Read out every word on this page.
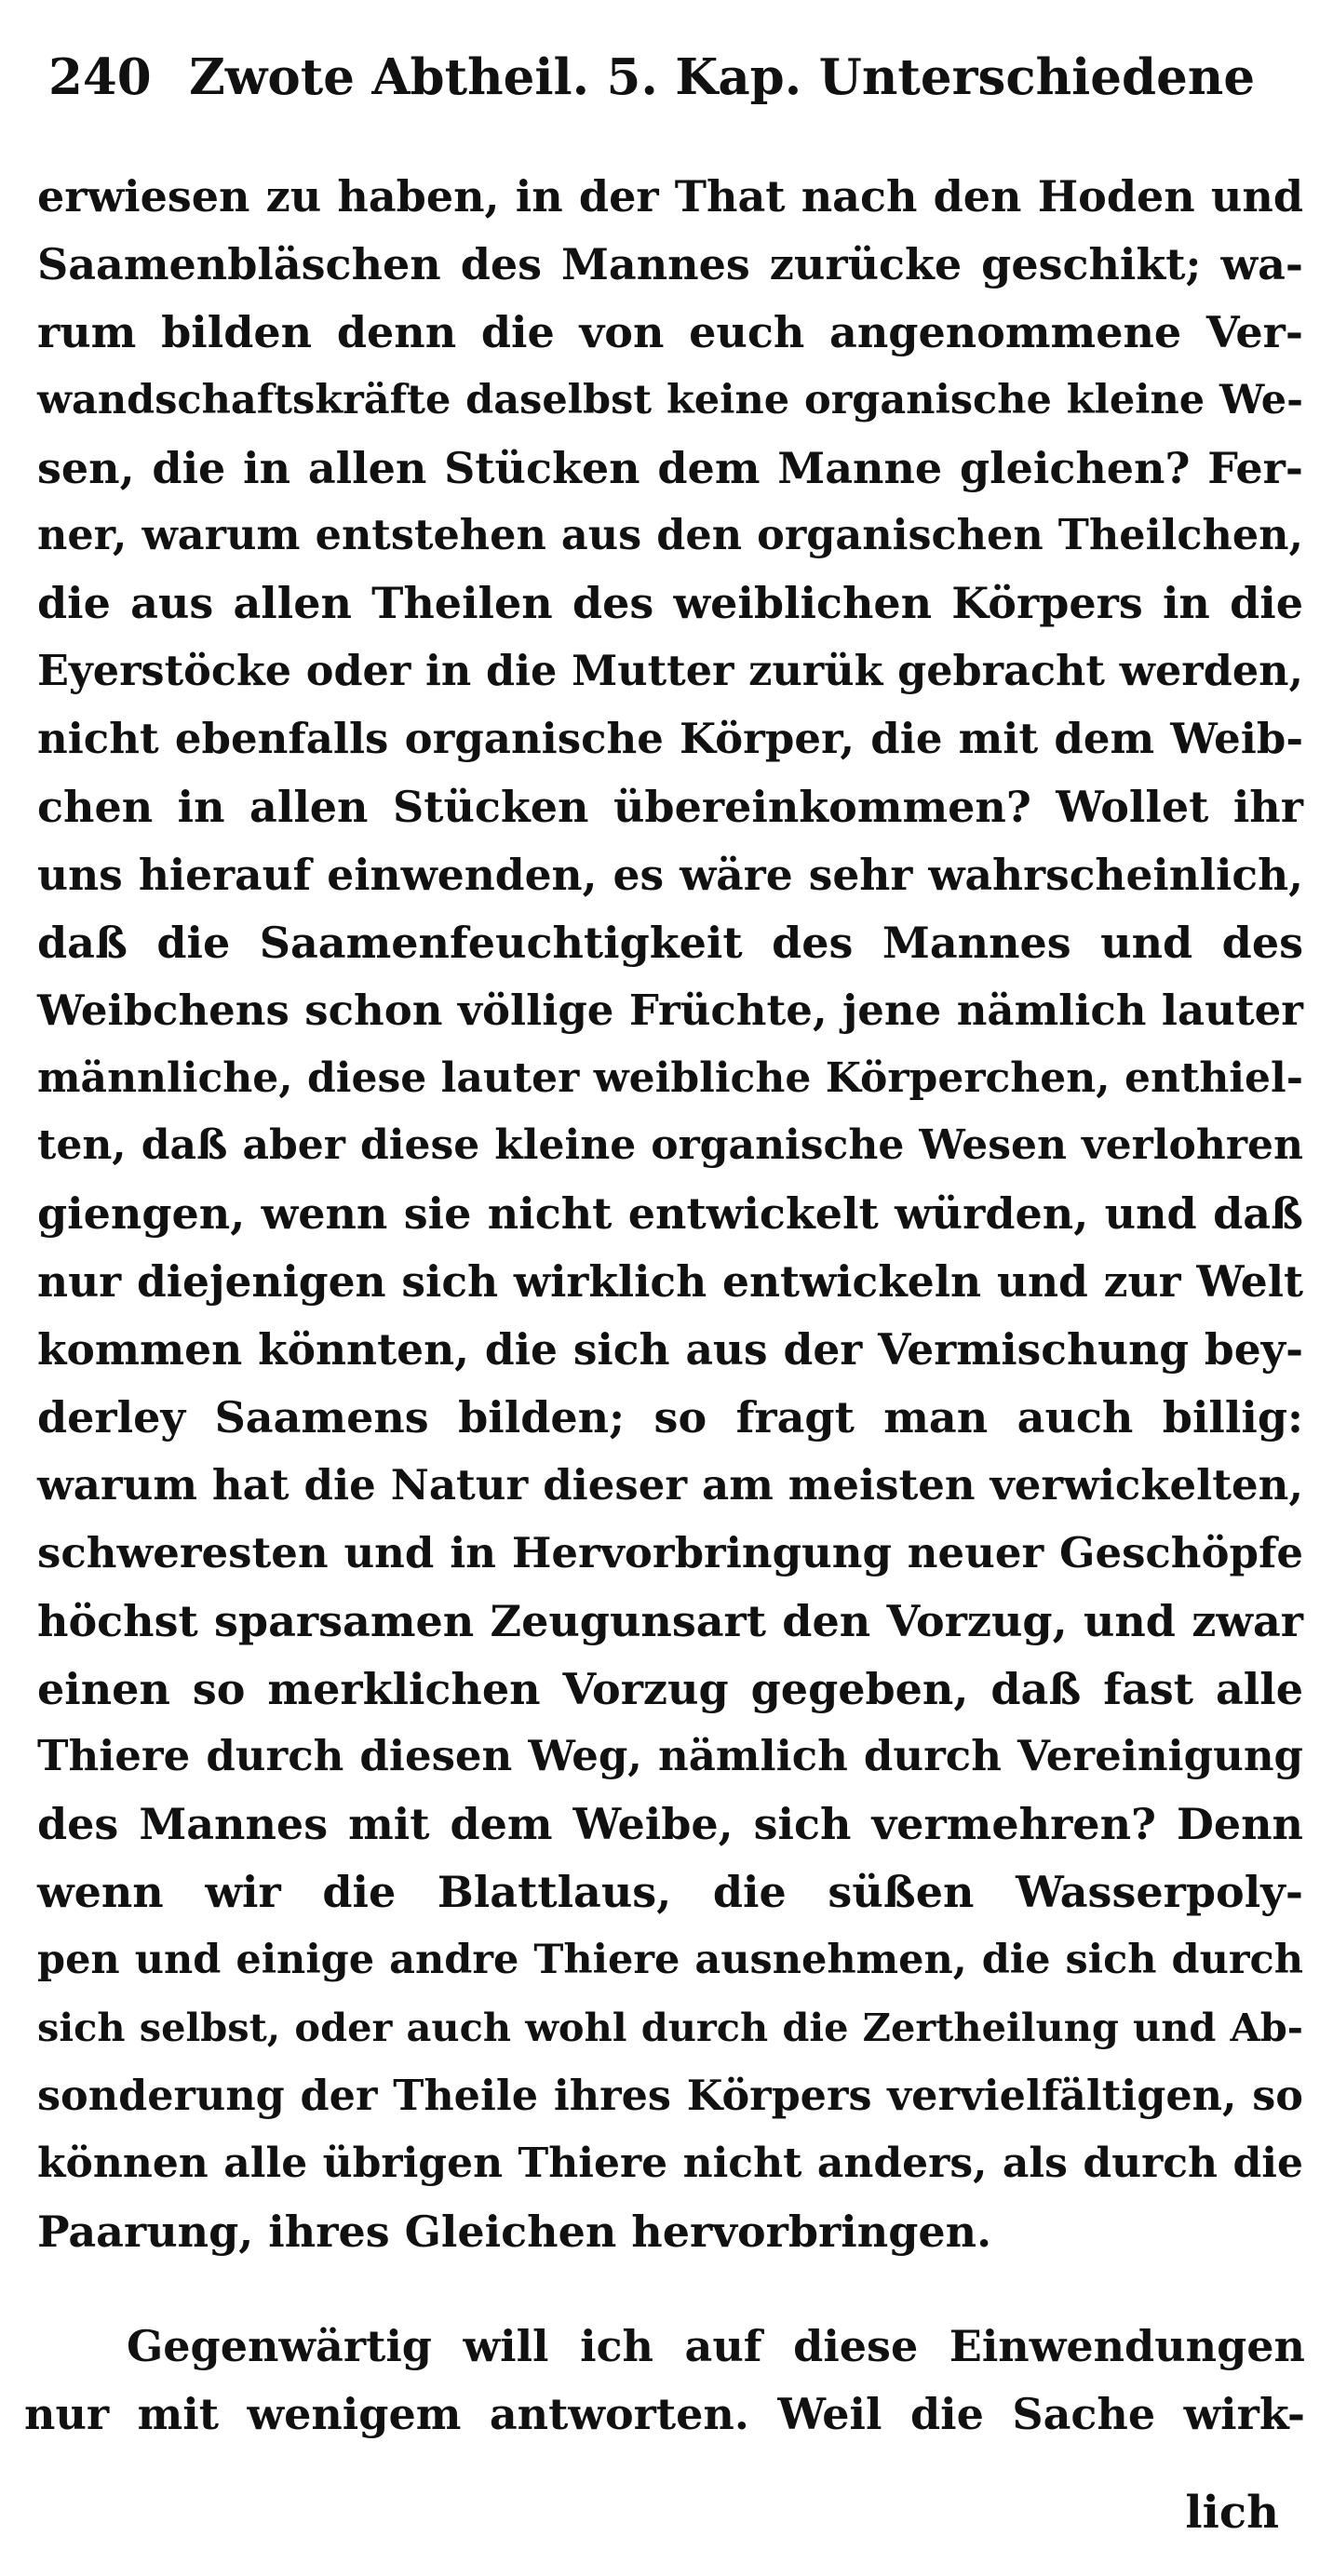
240 Zwote Abtheil. 5. Kap. Unterschiedene
erwiesen zu haben, in der That nach den Hoden und
Saamenbläschen des Mannes zurücke geschikt; wa-
rum bilden denn die von euch angenommene Ver-
wandschaftskräfte daselbst keine organische kleine We-
sen, die in allen Stücken dem Manne gleichen? Fer-
ner, warum entstehen aus den organischen Theilchen,
die aus allen Theilen des weiblichen Körpers in die
Eyerstöcke oder in die Mutter zurük gebracht werden,
nicht ebenfalls organische Körper, die mit dem Weib-
chen in allen Stücken übereinkommen? Wollet ihr
uns hierauf einwenden, es wäre sehr wahrscheinlich,
daß die Saamenfeuchtigkeit des Mannes und des
Weibchens schon völlige Früchte, jene nämlich lauter
männliche, diese lauter weibliche Körperchen, enthiel-
ten, daß aber diese kleine organische Wesen verlohren
giengen, wenn sie nicht entwickelt würden, und daß
nur diejenigen sich wirklich entwickeln und zur Welt
kommen könnten, die sich aus der Vermischung bey-
derley Saamens bilden; so fragt man auch billig:
warum hat die Natur dieser am meisten verwickelten,
schweresten und in Hervorbringung neuer Geschöpfe
höchst sparsamen Zeugunsart den Vorzug, und zwar
einen so merklichen Vorzug gegeben, daß fast alle
Thiere durch diesen Weg, nämlich durch Vereinigung
des Mannes mit dem Weibe, sich vermehren? Denn
wenn wir die Blattlaus, die süßen Wasserpoly-
pen und einige andre Thiere ausnehmen, die sich durch
sich selbst, oder auch wohl durch die Zertheilung und Ab-
sonderung der Theile ihres Körpers vervielfältigen, so
können alle übrigen Thiere nicht anders, als durch die
Paarung, ihres Gleichen hervorbringen.
Gegenwärtig will ich auf diese Einwendungen
nur mit wenigem antworten. Weil die Sache wirk-
lich
